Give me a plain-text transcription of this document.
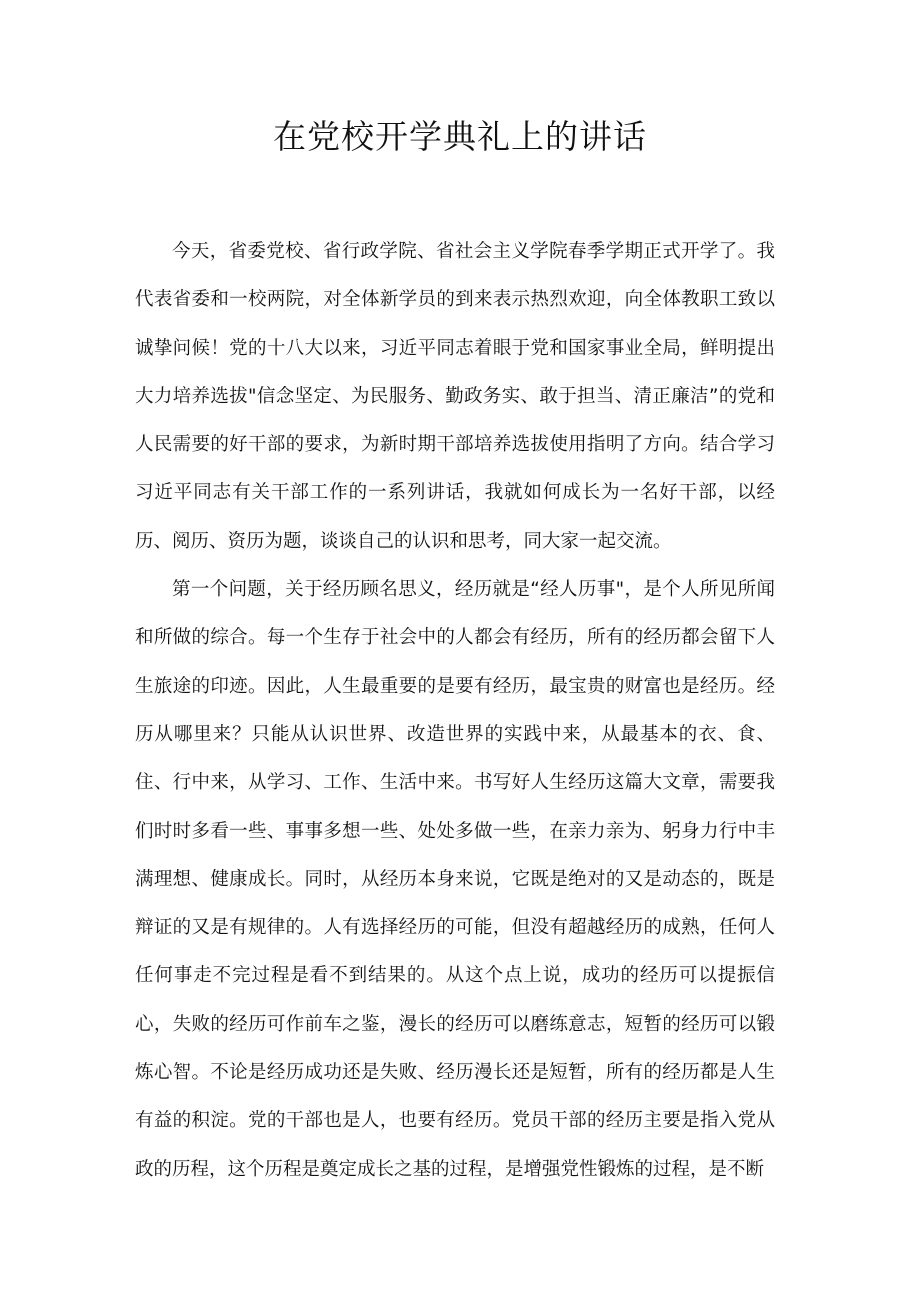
在党校开学典礼上的讲话

今天，省委党校、省行政学院、省社会主义学院春季学期正式开学了。我代表省委和一校两院，对全体新学员的到来表示热烈欢迎，向全体教职工致以诚挚问候！党的十八大以来，习近平同志着眼于党和国家事业全局，鲜明提出大力培养选拔"信念坚定、为民服务、勤政务实、敢于担当、清正廉洁”的党和人民需要的好干部的要求，为新时期干部培养选拔使用指明了方向。结合学习习近平同志有关干部工作的一系列讲话，我就如何成长为一名好干部，以经历、阅历、资历为题，谈谈自己的认识和思考，同大家一起交流。

第一个问题，关于经历顾名思义，经历就是“经人历事"，是个人所见所闻和所做的综合。每一个生存于社会中的人都会有经历，所有的经历都会留下人生旅途的印迹。因此，人生最重要的是要有经历，最宝贵的财富也是经历。经历从哪里来？只能从认识世界、改造世界的实践中来，从最基本的衣、食、住、行中来，从学习、工作、生活中来。书写好人生经历这篇大文章，需要我们时时多看一些、事事多想一些、处处多做一些，在亲力亲为、躬身力行中丰满理想、健康成长。同时，从经历本身来说，它既是绝对的又是动态的，既是辩证的又是有规律的。人有选择经历的可能，但没有超越经历的成熟，任何人任何事走不完过程是看不到结果的。从这个点上说，成功的经历可以提振信心，失败的经历可作前车之鉴，漫长的经历可以磨练意志，短暂的经历可以锻炼心智。不论是经历成功还是失败、经历漫长还是短暂，所有的经历都是人生有益的积淀。党的干部也是人，也要有经历。党员干部的经历主要是指入党从政的历程，这个历程是奠定成长之基的过程，是增强党性锻炼的过程，是不断
